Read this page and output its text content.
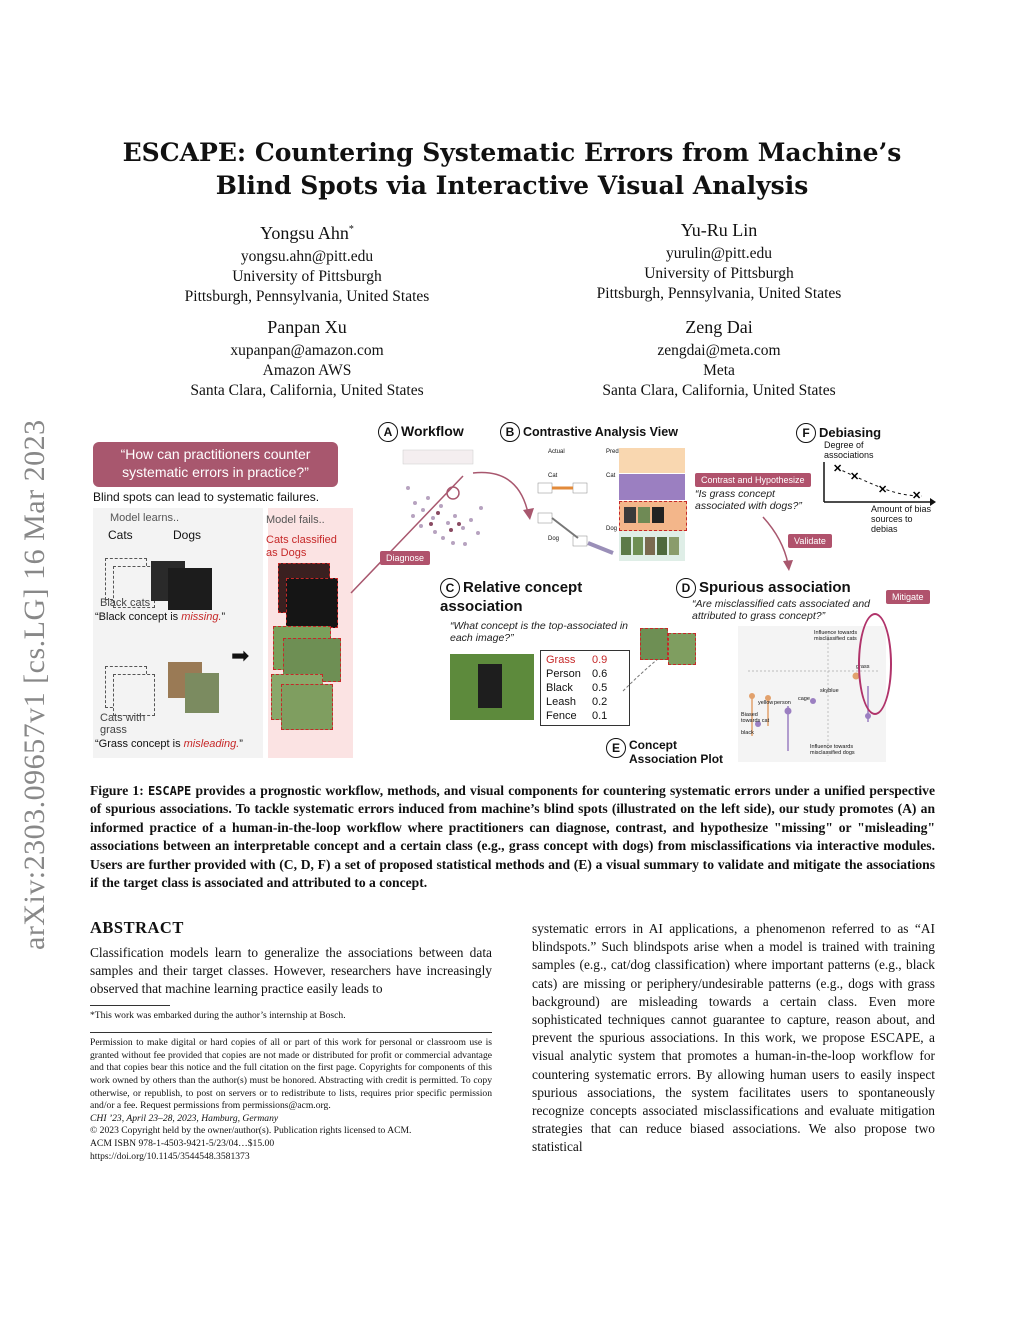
arXiv:2303.09657v1 [cs.LG] 16 Mar 2023
ESCAPE: Countering Systematic Errors from Machine’s Blind Spots via Interactive Visual Analysis
Yongsu Ahn*
yongsu.ahn@pitt.edu
University of Pittsburgh
Pittsburgh, Pennsylvania, United States
Yu-Ru Lin
yurulin@pitt.edu
University of Pittsburgh
Pittsburgh, Pennsylvania, United States
Panpan Xu
xupanpan@amazon.com
Amazon AWS
Santa Clara, California, United States
Zeng Dai
zengdai@meta.com
Meta
Santa Clara, California, United States
“How can practitioners counter systematic errors in practice?”
Blind spots can lead to systematic failures.
Model learns..	Model fails..
Cats	Dogs	Cats classified as Dogs
Black cats
“Black concept is missing.”
➡
Cats with grass
“Grass concept is misleading.”
Diagnose
A Workflow	B Contrastive Analysis View
Actual	Pred
Cat	Cat
Dog
Dog
Contrast and Hypothesize
“Is grass concept associated with dogs?”
Validate
F Debiasing
Degree of associations
✕
✕
✕ ✕
Amount of bias sources to debias
C Relative concept association
“What concept is the top-associated in each image?”
Grass 0.9
Person 0.6
Black 0.5
Leash 0.2
Fence 0.1
D Spurious association
“Are misclassified cats associated and attributed to grass concept?”
Mitigate
Influence towards misclassified cats
grass
skyblue
yellow person
cage
Biased towards cat
black
Influence towards misclassified dogs
E Concept Association Plot
Figure 1: ESCAPE provides a prognostic workflow, methods, and visual components for countering systematic errors under a unified perspective of spurious associations. To tackle systematic errors induced from machine’s blind spots (illustrated on the left side), our study promotes (A) an informed practice of a human-in-the-loop workflow where practitioners can diagnose, contrast, and hypothesize "missing" or "misleading" associations between an interpretable concept and a certain class (e.g., grass concept with dogs) from misclassifications via interactive modules. Users are further provided with (C, D, F) a set of proposed statistical methods and (E) a visual summary to validate and mitigate the associations if the target class is associated and attributed to a concept.
ABSTRACT
Classification models learn to generalize the associations between data samples and their target classes. However, researchers have increasingly observed that machine learning practice easily leads to
*This work was embarked during the author’s internship at Bosch.
Permission to make digital or hard copies of all or part of this work for personal or classroom use is granted without fee provided that copies are not made or distributed for profit or commercial advantage and that copies bear this notice and the full citation on the first page. Copyrights for components of this work owned by others than the author(s) must be honored. Abstracting with credit is permitted. To copy otherwise, or republish, to post on servers or to redistribute to lists, requires prior specific permission and/or a fee. Request permissions from permissions@acm.org.
CHI ’23, April 23–28, 2023, Hamburg, Germany
© 2023 Copyright held by the owner/author(s). Publication rights licensed to ACM.
ACM ISBN 978-1-4503-9421-5/23/04…$15.00
https://doi.org/10.1145/3544548.3581373
systematic errors in AI applications, a phenomenon referred to as “AI blindspots.” Such blindspots arise when a model is trained with training samples (e.g., cat/dog classification) where important patterns (e.g., black cats) are missing or periphery/undesirable patterns (e.g., dogs with grass background) are misleading towards a certain class. Even more sophisticated techniques cannot guarantee to capture, reason about, and prevent the spurious associations. In this work, we propose ESCAPE, a visual analytic system that promotes a human-in-the-loop workflow for countering systematic errors. By allowing human users to easily inspect spurious associations, the system facilitates users to spontaneously recognize concepts associated misclassifications and evaluate mitigation strategies that can reduce biased associations. We also propose two statistical
